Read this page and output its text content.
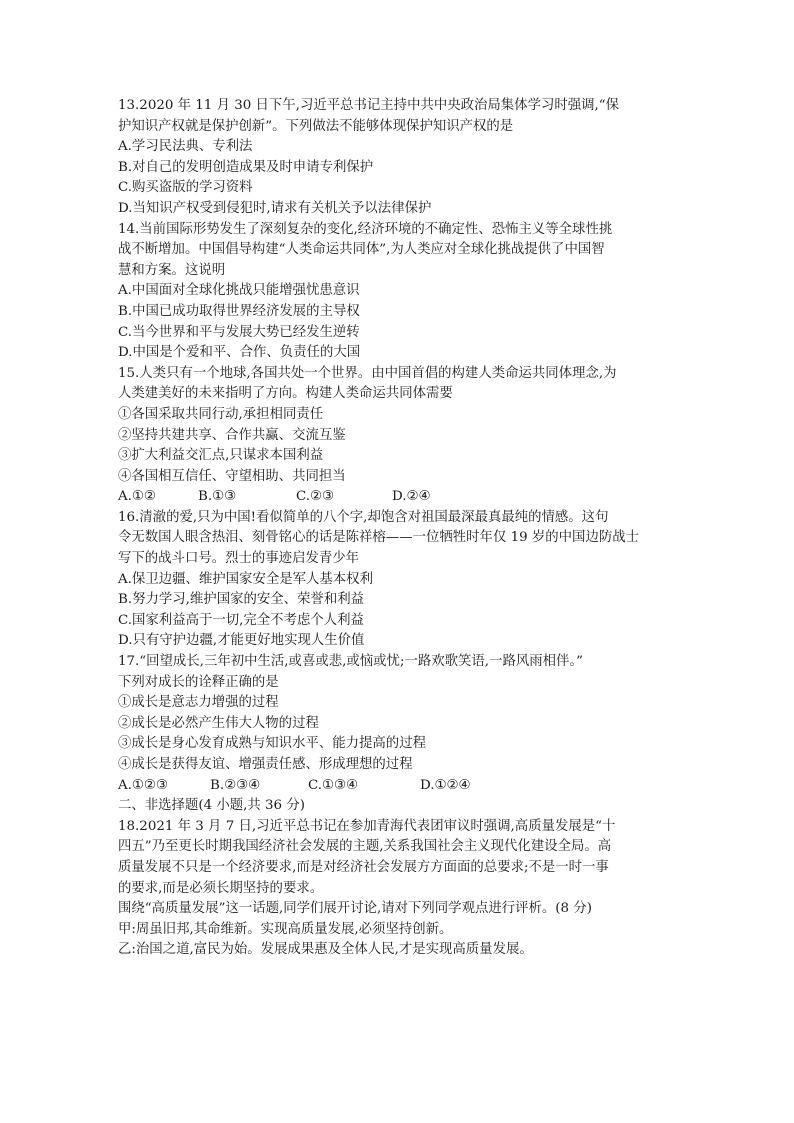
13.2020 年 11 月 30 日下午,习近平总书记主持中共中央政治局集体学习时强调,“保
护知识产权就是保护创新”。下列做法不能够体现保护知识产权的是
A.学习民法典、专利法
B.对自己的发明创造成果及时申请专利保护
C.购买盗版的学习资料
D.当知识产权受到侵犯时,请求有关机关予以法律保护
14.当前国际形势发生了深刻复杂的变化,经济环境的不确定性、恐怖主义等全球性挑
战不断增加。中国倡导构建“人类命运共同体”,为人类应对全球化挑战提供了中国智
慧和方案。这说明
A.中国面对全球化挑战只能增强忧患意识
B.中国已成功取得世界经济发展的主导权
C.当今世界和平与发展大势已经发生逆转
D.中国是个爱和平、合作、负责任的大国
15.人类只有一个地球,各国共处一个世界。由中国首倡的构建人类命运共同体理念,为
人类建美好的未来指明了方向。构建人类命运共同体需要
①各国采取共同行动,承担相同责任
②坚持共建共享、合作共赢、交流互鉴
③扩大利益交汇点,只谋求本国利益
④各国相互信任、守望相助、共同担当
A.①②	B.①③	C.②③	D.②④
16.清澈的爱,只为中国!看似简单的八个字,却饱含对祖国最深最真最纯的情感。这句
令无数国人眼含热泪、刻骨铭心的话是陈祥榕——一位牺牲时年仅 19 岁的中国边防战士
写下的战斗口号。烈士的事迹启发青少年
A.保卫边疆、维护国家安全是军人基本权利
B.努力学习,维护国家的安全、荣誉和利益
C.国家利益高于一切,完全不考虑个人利益
D.只有守护边疆,才能更好地实现人生价值
17.“回望成长,三年初中生活,或喜或悲,或恼或忧;一路欢歌笑语,一路风雨相伴。”
下列对成长的诠释正确的是
①成长是意志力增强的过程
②成长是必然产生伟大人物的过程
③成长是身心发育成熟与知识水平、能力提高的过程
④成长是获得友谊、增强责任感、形成理想的过程
A.①②③	B.②③④	C.①③④	D.①②④
二、非选择题(4 小题,共 36 分)
18.2021 年 3 月 7 日,习近平总书记在参加青海代表团审议时强调,高质量发展是“十
四五”乃至更长时期我国经济社会发展的主题,关系我国社会主义现代化建设全局。高
质量发展不只是一个经济要求,而是对经济社会发展方方面面的总要求;不是一时一事
的要求,而是必须长期坚持的要求。
围绕“高质量发展”这一话题,同学们展开讨论,请对下列同学观点进行评析。(8 分)
甲:周虽旧邦,其命维新。实现高质量发展,必须坚持创新。
乙:治国之道,富民为始。发展成果惠及全体人民,才是实现高质量发展。
